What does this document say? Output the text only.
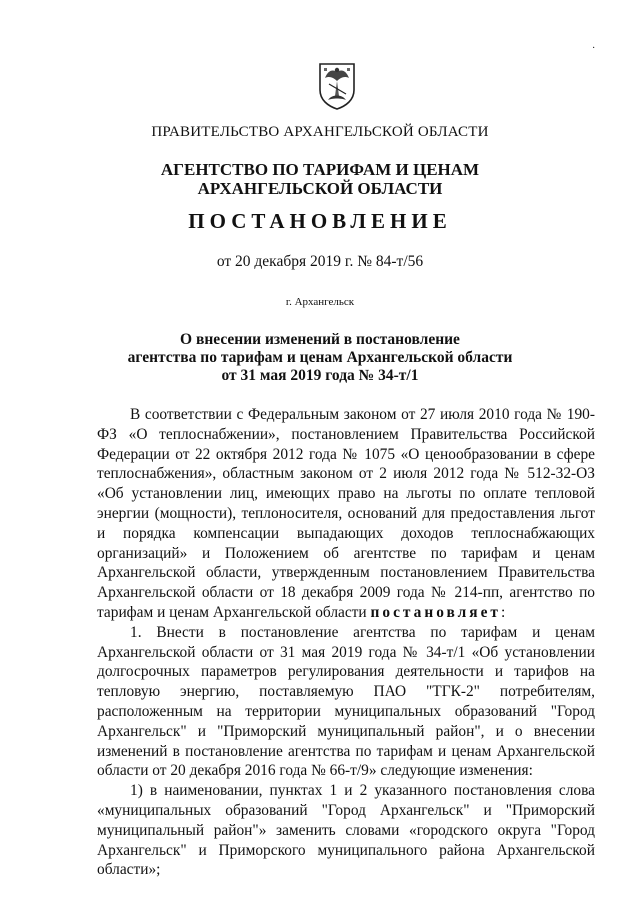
·
ПРАВИТЕЛЬСТВО АРХАНГЕЛЬСКОЙ ОБЛАСТИ
АГЕНТСТВО ПО ТАРИФАМ И ЦЕНАМ
АРХАНГЕЛЬСКОЙ ОБЛАСТИ
ПОСТАНОВЛЕНИЕ
от 20 декабря 2019 г. № 84-т/56
г. Архангельск
О внесении изменений в постановление
агентства по тарифам и ценам Архангельской области
от 31 мая 2019 года № 34-т/1

В соответствии с Федеральным законом от 27 июля 2010 года № 190-ФЗ «О теплоснабжении», постановлением Правительства Российской Федерации от 22 октября 2012 года № 1075 «О ценообразовании в сфере теплоснабжения», областным законом от 2 июля 2012 года № 512-32-ОЗ «Об установлении лиц, имеющих право на льготы по оплате тепловой энергии (мощности), теплоносителя, оснований для предоставления льгот и порядка компенсации выпадающих доходов теплоснабжающих организаций» и Положением об агентстве по тарифам и ценам Архангельской области, утвержденным постановлением Правительства Архангельской области от 18 декабря 2009 года № 214-пп, агентство по тарифам и ценам Архангельской области постановляет:

1. Внести в постановление агентства по тарифам и ценам Архангельской области от 31 мая 2019 года № 34-т/1 «Об установлении долгосрочных параметров регулирования деятельности и тарифов на тепловую энергию, поставляемую ПАО "ТГК-2" потребителям, расположенным на территории муниципальных образований "Город Архангельск" и "Приморский муниципальный район", и о внесении изменений в постановление агентства по тарифам и ценам Архангельской области от 20 декабря 2016 года № 66-т/9» следующие изменения:

1) в наименовании, пунктах 1 и 2 указанного постановления слова «муниципальных образований "Город Архангельск" и "Приморский муниципальный район"» заменить словами «городского округа "Город Архангельск" и Приморского муниципального района Архангельской области»;
